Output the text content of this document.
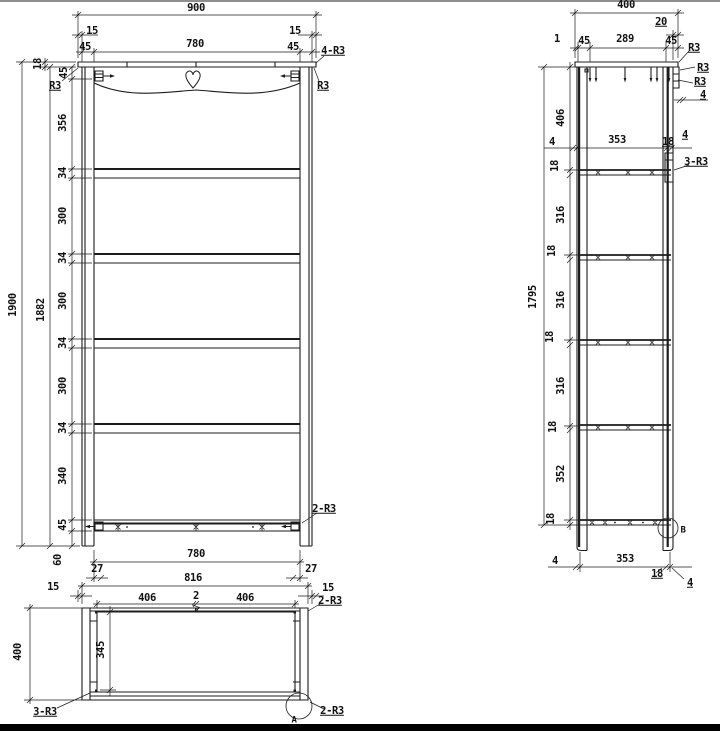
900
15
45	780
15
45 4-R3
R3	R3
18
45
356
34
300
34
300
34
300
34
340
45
1900 1882
60
2-R3
780
27	27
15
816
406	2	406
15
2-R3
400	345
3-R3
A
2-R3
400
20
1 45 289	45
R3
R3
R3
4
406
4	353	18
4
3-R3
18
316
18
316
18
316
18
352
18
1795
4	353
18
4
B
